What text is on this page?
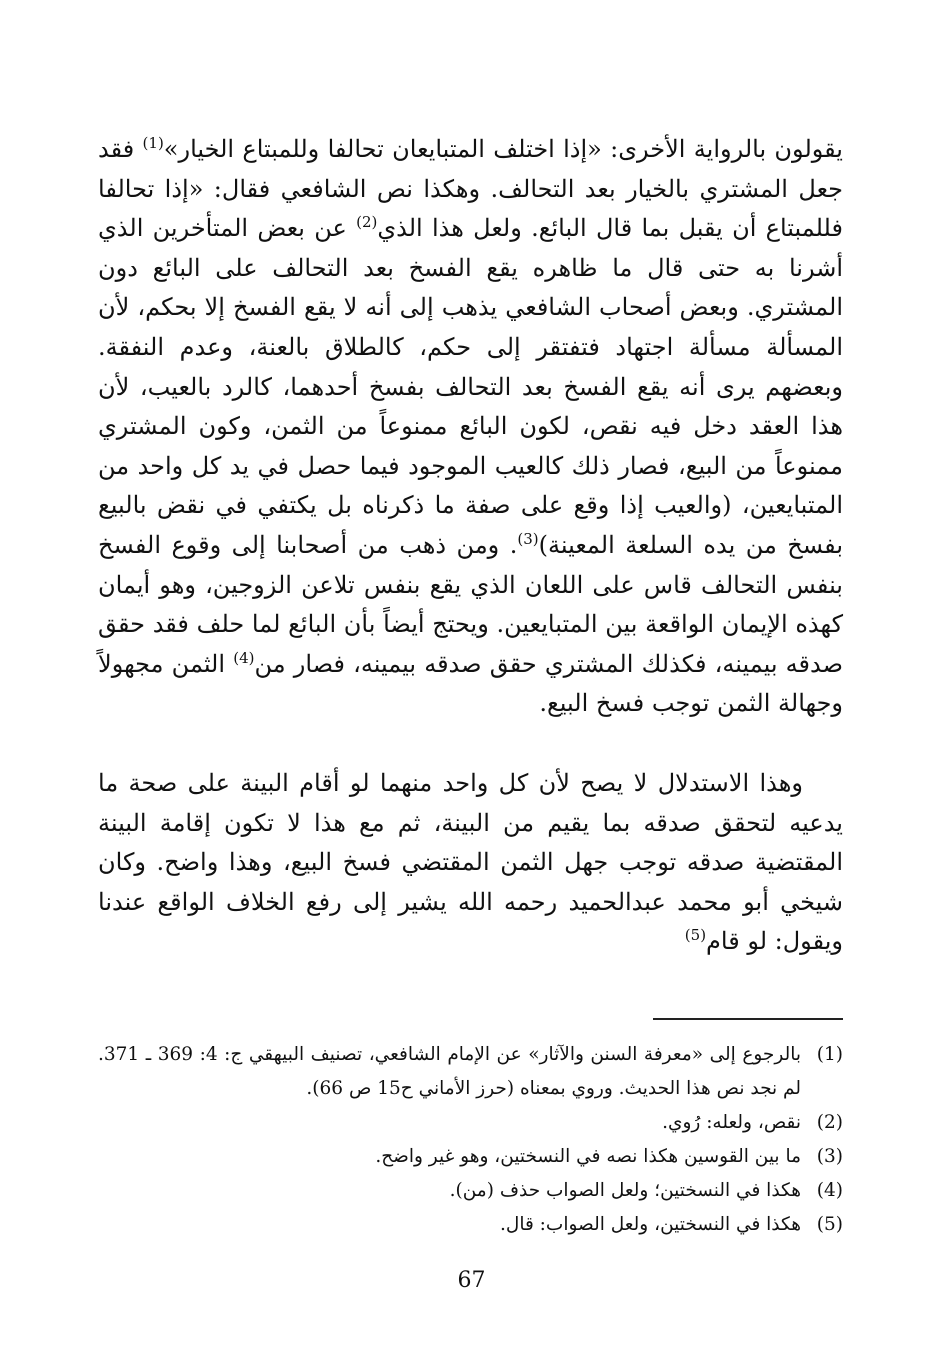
يقولون بالرواية الأخرى: «إذا اختلف المتبايعان تحالفا وللمبتاع الخيار»$^{(1)}$ فقد جعل المشتري بالخيار بعد التحالف. وهكذا نص الشافعي فقال: «إذا تحالفا فللمبتاع أن يقبل بما قال البائع. ولعل هذا الذي$^{(2)}$ عن بعض المتأخرين الذي أشرنا به حتى قال ما ظاهره يقع الفسخ بعد التحالف على البائع دون المشتري. وبعض أصحاب الشافعي يذهب إلى أنه لا يقع الفسخ إلا بحكم، لأن المسألة مسألة اجتهاد فتفتقر إلى حكم، كالطلاق بالعنة، وعدم النفقة. وبعضهم يرى أنه يقع الفسخ بعد التحالف بفسخ أحدهما، كالرد بالعيب، لأن هذا العقد دخل فيه نقص، لكون البائع ممنوعاً من الثمن، وكون المشتري ممنوعاً من البيع، فصار ذلك كالعيب الموجود فيما حصل في يد كل واحد من المتبايعين، (والعيب إذا وقع على صفة ما ذكرناه بل يكتفي في نقض بالبيع بفسخ من يده السلعة المعينة)$^{(3)}$. ومن ذهب من أصحابنا إلى وقوع الفسخ بنفس التحالف قاس على اللعان الذي يقع بنفس تلاعن الزوجين، وهو أيمان كهذه الإيمان الواقعة بين المتبايعين. ويحتج أيضاً بأن البائع لما حلف فقد حقق صدقه بيمينه، فكذلك المشتري حقق صدقه بيمينه، فصار من$^{(4)}$ الثمن مجهولاً وجهالة الثمن توجب فسخ البيع.

وهذا الاستدلال لا يصح لأن كل واحد منهما لو أقام البينة على صحة ما يدعيه لتحقق صدقه بما يقيم من البينة، ثم مع هذا لا تكون إقامة البينة المقتضية صدقه توجب جهل الثمن المقتضي فسخ البيع، وهذا واضح. وكان شيخي أبو محمد عبدالحميد رحمه الله يشير إلى رفع الخلاف الواقع عندنا ويقول: لو قام$^{(5)}$

(1)
بالرجوع إلى «معرفة السنن والآثار» عن الإمام الشافعي، تصنيف البيهقي ج: 4: 369 ـ 371. لم نجد نص هذا الحديث. وروي بمعناه (حرز الأماني ح15 ص 66).
(2)
نقص، ولعله: رُوي.
(3)
ما بين القوسين هكذا نصه في النسختين، وهو غير واضح.
(4)
هكذا في النسختين؛ ولعل الصواب حذف (من).
(5)
هكذا في النسختين، ولعل الصواب: قال.
67
